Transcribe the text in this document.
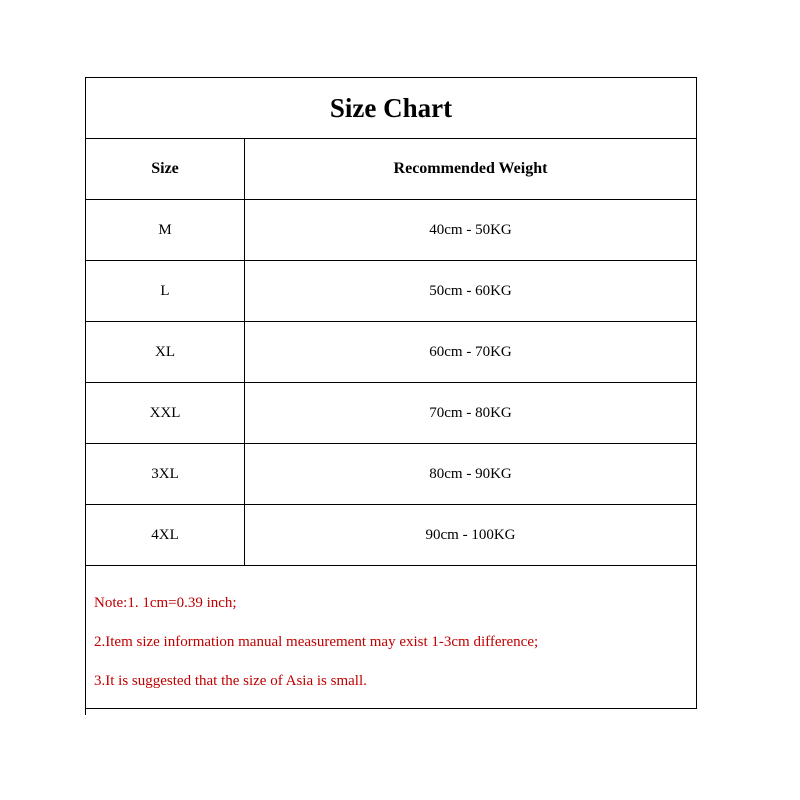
Size Chart
Size	Recommended Weight
M	40cm - 50KG
L	50cm - 60KG
XL	60cm - 70KG
XXL	70cm - 80KG
3XL	80cm - 90KG
4XL	90cm - 100KG
Note:1. 1cm=0.39 inch;
2.Item size information manual measurement may exist 1-3cm difference;
3.It is suggested that the size of Asia is small.
